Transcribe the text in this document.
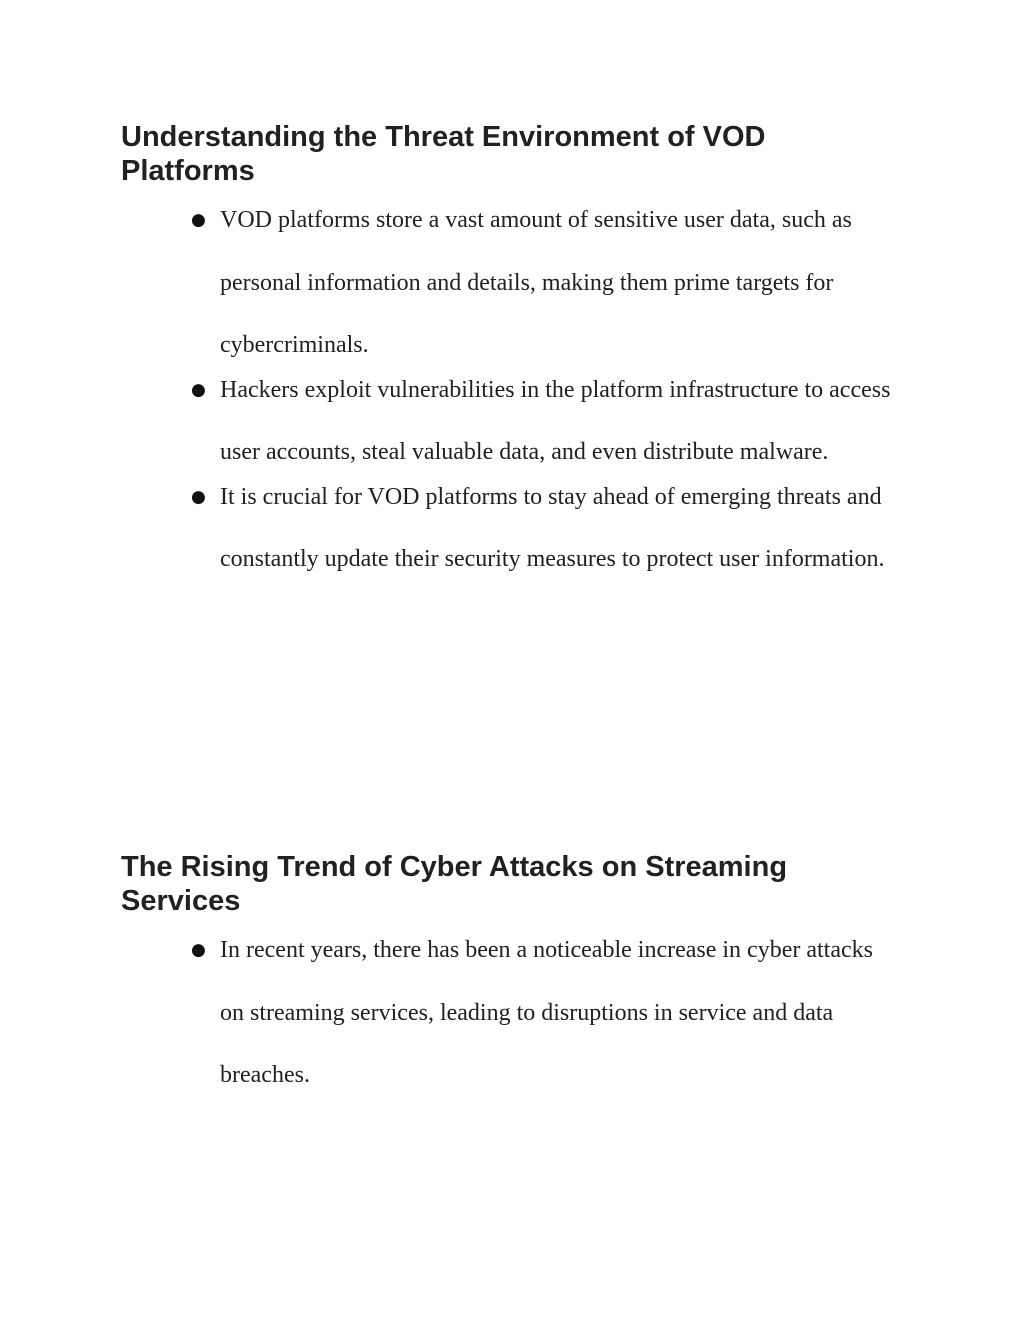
Understanding the Threat Environment of VOD Platforms
● VOD platforms store a vast amount of sensitive user data, such as personal information and details, making them prime targets for cybercriminals.
● Hackers exploit vulnerabilities in the platform infrastructure to access user accounts, steal valuable data, and even distribute malware.
● It is crucial for VOD platforms to stay ahead of emerging threats and constantly update their security measures to protect user information.
The Rising Trend of Cyber Attacks on Streaming Services
● In recent years, there has been a noticeable increase in cyber attacks on streaming services, leading to disruptions in service and data breaches.
